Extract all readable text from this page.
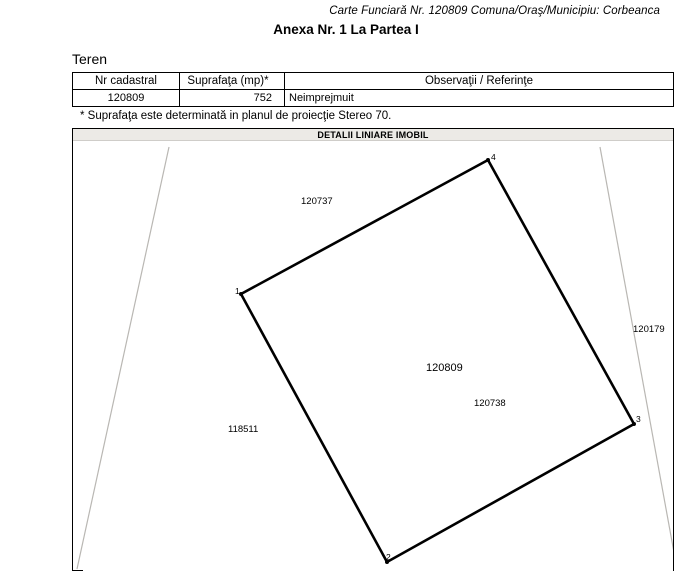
Carte Funciară Nr. 120809 Comuna/Oraş/Municipiu: Corbeanca
Anexa Nr. 1 La Partea I
Teren
Nr cadastral	Suprafaţa (mp)*	Observaţii / Referinţe
120809	752	Neimprejmuit
* Suprafaţa este determinată in planul de proiecţie Stereo 70.
DETALII LINIARE IMOBIL
120737
120179
120809
120738
118511
4
1
3
2
